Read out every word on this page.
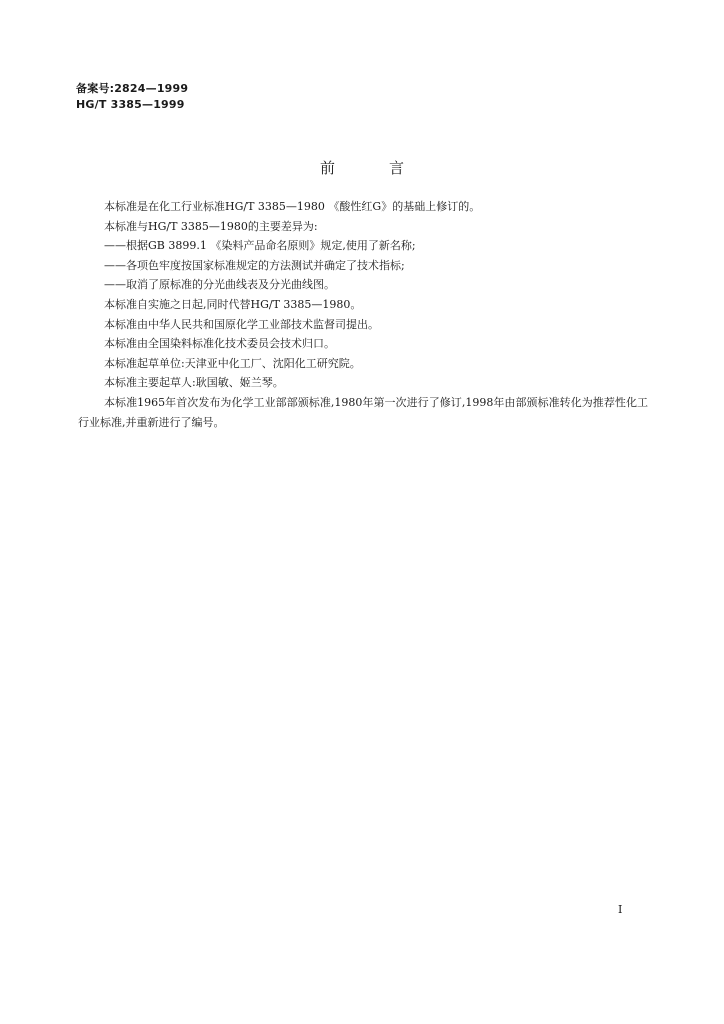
备案号:2824—1999
HG/T 3385—1999
前	言

本标准是在化工行业标准HG/T 3385—1980 《酸性红G》的基础上修订的。

本标准与HG/T 3385—1980的主要差异为:

——根据GB 3899.1 《染料产品命名原则》规定,使用了新名称;

——各项色牢度按国家标准规定的方法测试并确定了技术指标;

——取消了原标准的分光曲线表及分光曲线图。

本标准自实施之日起,同时代替HG/T 3385—1980。

本标准由中华人民共和国原化学工业部技术监督司提出。

本标准由全国染料标准化技术委员会技术归口。

本标准起草单位:天津亚中化工厂、沈阳化工研究院。

本标准主要起草人:耿国敏、姬兰琴。

本标准1965年首次发布为化学工业部部颁标准,1980年第一次进行了修订,1998年由部颁标准转化为推荐性化工行业标准,并重新进行了编号。

I
